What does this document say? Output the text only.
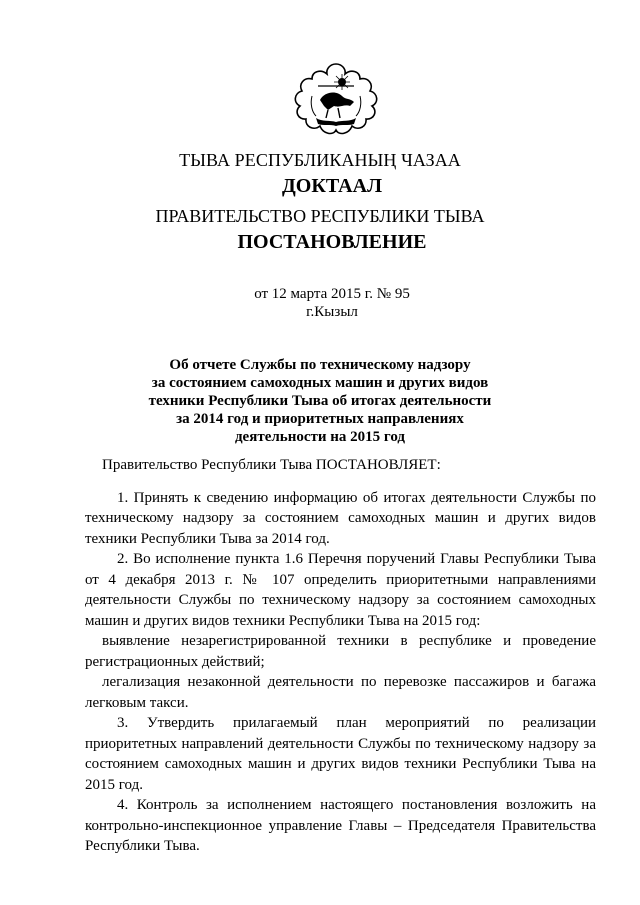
ТЫВА РЕСПУБЛИКАНЫҢ ЧАЗАА
ДОКТААЛ
ПРАВИТЕЛЬСТВО РЕСПУБЛИКИ ТЫВА
ПОСТАНОВЛЕНИЕ
от 12 марта 2015 г. № 95
г.Кызыл
Об отчете Службы по техническому надзору
за состоянием самоходных машин и других видов
техники Республики Тыва об итогах деятельности
за 2014 год и приоритетных направлениях
деятельности на 2015 год

Правительство Республики Тыва ПОСТАНОВЛЯЕТ:

1. Принять к сведению информацию об итогах деятельности Службы по техническому надзору за состоянием самоходных машин и других видов техники Республики Тыва за 2014 год.

2. Во исполнение пункта 1.6 Перечня поручений Главы Республики Тыва от 4 декабря 2013 г. № 107 определить приоритетными направлениями деятельности Службы по техническому надзору за состоянием самоходных машин и других видов техники Республики Тыва на 2015 год:

выявление незарегистрированной техники в республике и проведение регистрационных действий;

легализация незаконной деятельности по перевозке пассажиров и багажа легковым такси.

3. Утвердить прилагаемый план мероприятий по реализации приоритетных направлений деятельности Службы по техническому надзору за состоянием самоходных машин и других видов техники Республики Тыва на 2015 год.

4. Контроль за исполнением настоящего постановления возложить на контрольно-инспекционное управление Главы – Председателя Правительства Республики Тыва.
